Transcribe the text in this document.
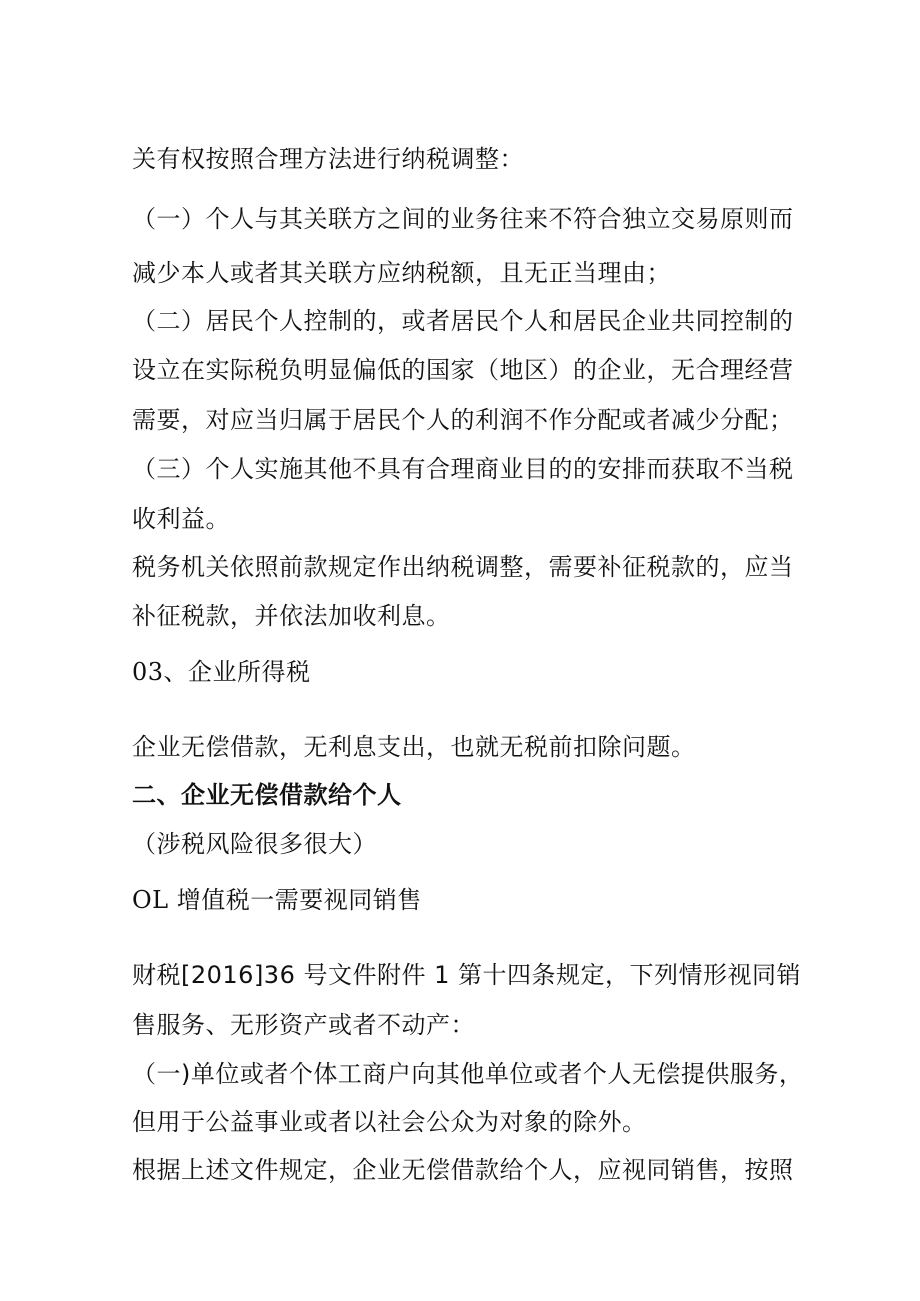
关有权按照合理方法进行纳税调整：
（一）个人与其关联方之间的业务往来不符合独立交易原则而
减少本人或者其关联方应纳税额，且无正当理由；
（二）居民个人控制的，或者居民个人和居民企业共同控制的
设立在实际税负明显偏低的国家（地区）的企业，无合理经营
需要，对应当归属于居民个人的利润不作分配或者减少分配；
（三）个人实施其他不具有合理商业目的的安排而获取不当税
收利益。
税务机关依照前款规定作出纳税调整，需要补征税款的，应当
补征税款，并依法加收利息。
03、企业所得税
企业无偿借款，无利息支出，也就无税前扣除问题。
二、企业无偿借款给个人
（涉税风险很多很大）
OL 增值税一需要视同销售
财税[2016]36 号文件附件 1 第十四条规定，下列情形视同销
售服务、无形资产或者不动产：
（一)单位或者个体工商户向其他单位或者个人无偿提供服务，
但用于公益事业或者以社会公众为对象的除外。
根据上述文件规定，企业无偿借款给个人，应视同销售，按照
